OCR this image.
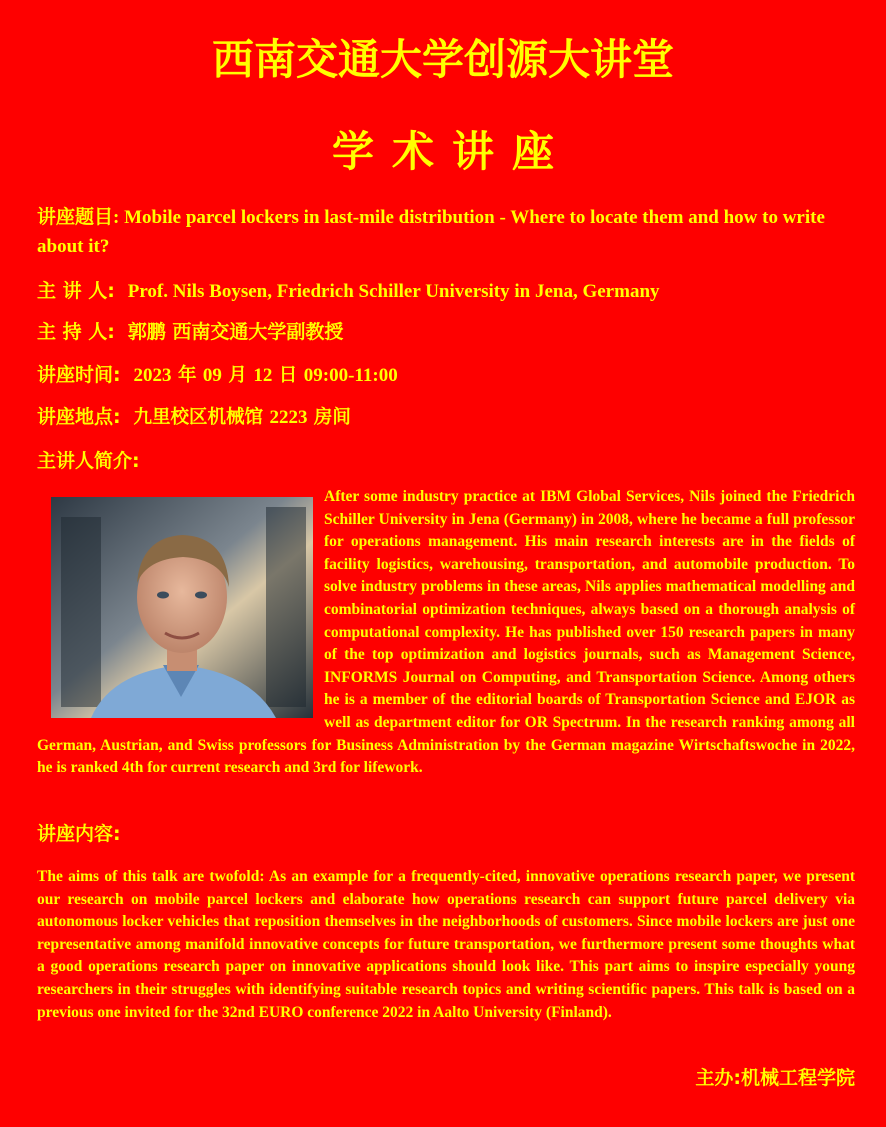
西南交通大学创源大讲堂
学术讲座
讲座题目: Mobile parcel lockers in last-mile distribution - Where to locate them and how to write about it?
主 讲 人: Prof. Nils Boysen, Friedrich Schiller University in Jena, Germany
主 持 人: 郭鹏 西南交通大学副教授
讲座时间: 2023 年 09 月 12 日 09:00-11:00
讲座地点: 九里校区机械馆 2223 房间
主讲人简介:
After some industry practice at IBM Global Services, Nils joined the Friedrich Schiller University in Jena (Germany) in 2008, where he became a full professor for operations management. His main research interests are in the fields of facility logistics, warehousing, transportation, and automobile production. To solve industry problems in these areas, Nils applies mathematical modelling and combinatorial optimization techniques, always based on a thorough analysis of computational complexity. He has published over 150 research papers in many of the top optimization and logistics journals, such as Management Science, INFORMS Journal on Computing, and Transportation Science. Among others he is a member of the editorial boards of Transportation Science and EJOR as well as department editor for OR Spectrum. In the research ranking among all German, Austrian, and Swiss professors for Business Administration by the German magazine Wirtschaftswoche in 2022, he is ranked 4th for current research and 3rd for lifework.
讲座内容:
The aims of this talk are twofold: As an example for a frequently-cited, innovative operations research paper, we present our research on mobile parcel lockers and elaborate how operations research can support future parcel delivery via autonomous locker vehicles that reposition themselves in the neighborhoods of customers. Since mobile lockers are just one representative among manifold innovative concepts for future transportation, we furthermore present some thoughts what a good operations research paper on innovative applications should look like. This part aims to inspire especially young researchers in their struggles with identifying suitable research topics and writing scientific papers. This talk is based on a previous one invited for the 32nd EURO conference 2022 in Aalto University (Finland).
主办:机械工程学院
